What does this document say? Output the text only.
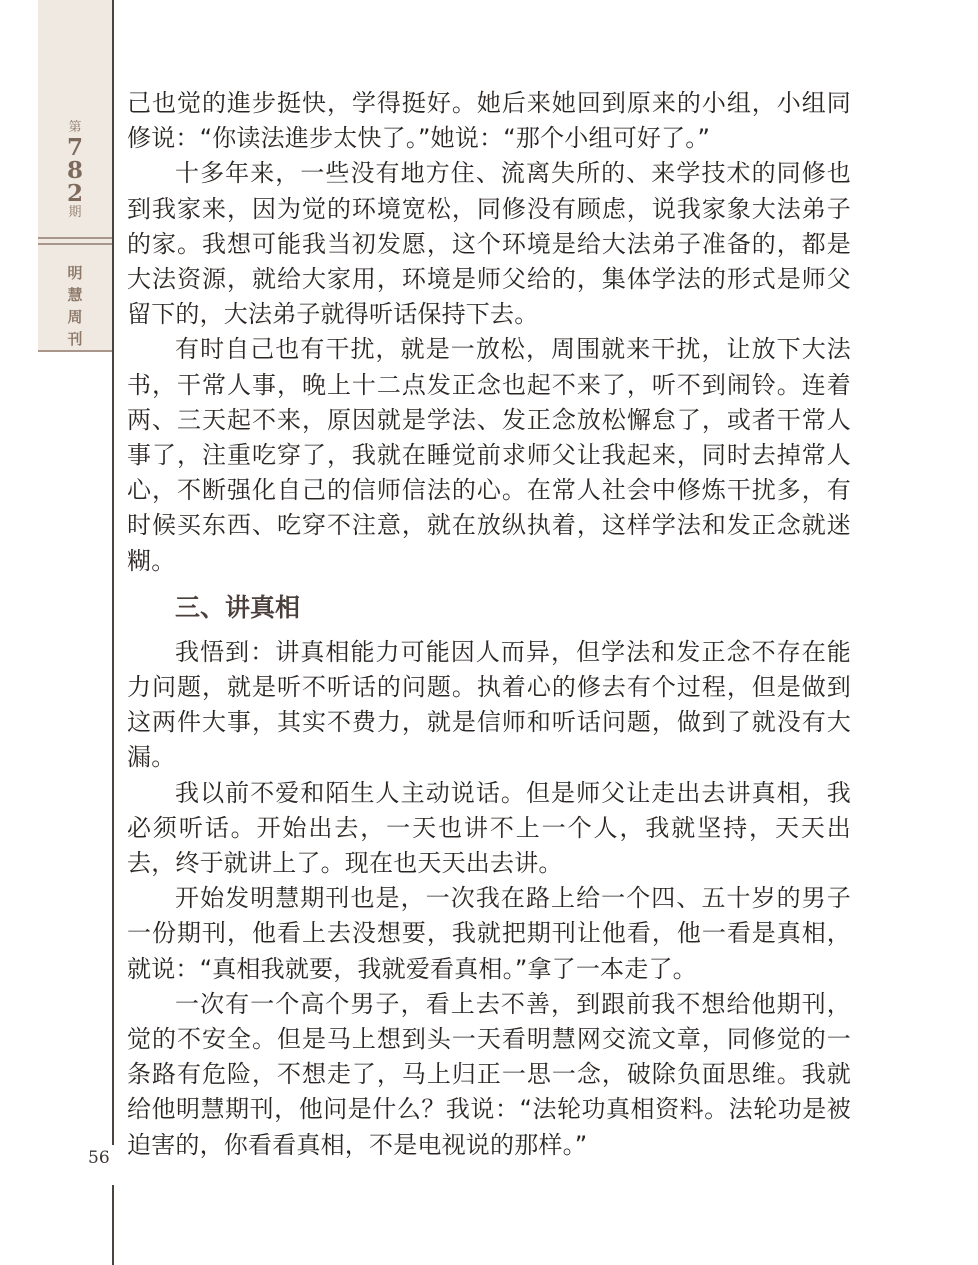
第
7
8
2
期
明
慧
周
刊
56

己也觉的進步挺快，学得挺好。她后来她回到原来的小组，小组同修说：“你读法進步太快了。”她说：“那个小组可好了。”

十多年来，一些没有地方住、流离失所的、来学技术的同修也到我家来，因为觉的环境宽松，同修没有顾虑，说我家象大法弟子的家。我想可能我当初发愿，这个环境是给大法弟子准备的，都是大法资源，就给大家用，环境是师父给的，集体学法的形式是师父留下的，大法弟子就得听话保持下去。

有时自己也有干扰，就是一放松，周围就来干扰，让放下大法书，干常人事，晚上十二点发正念也起不来了，听不到闹铃。连着两、三天起不来，原因就是学法、发正念放松懈怠了，或者干常人事了，注重吃穿了，我就在睡觉前求师父让我起来，同时去掉常人心，不断强化自己的信师信法的心。在常人社会中修炼干扰多，有时候买东西、吃穿不注意，就在放纵执着，这样学法和发正念就迷糊。

三、讲真相

我悟到：讲真相能力可能因人而异，但学法和发正念不存在能力问题，就是听不听话的问题。执着心的修去有个过程，但是做到这两件大事，其实不费力，就是信师和听话问题，做到了就没有大漏。

我以前不爱和陌生人主动说话。但是师父让走出去讲真相，我必须听话。开始出去，一天也讲不上一个人，我就坚持，天天出去，终于就讲上了。现在也天天出去讲。

开始发明慧期刊也是，一次我在路上给一个四、五十岁的男子一份期刊，他看上去没想要，我就把期刊让他看，他一看是真相，就说：“真相我就要，我就爱看真相。”拿了一本走了。

一次有一个高个男子，看上去不善，到跟前我不想给他期刊，觉的不安全。但是马上想到头一天看明慧网交流文章，同修觉的一条路有危险，不想走了，马上归正一思一念，破除负面思维。我就给他明慧期刊，他问是什么？我说：“法轮功真相资料。法轮功是被迫害的，你看看真相，不是电视说的那样。”
